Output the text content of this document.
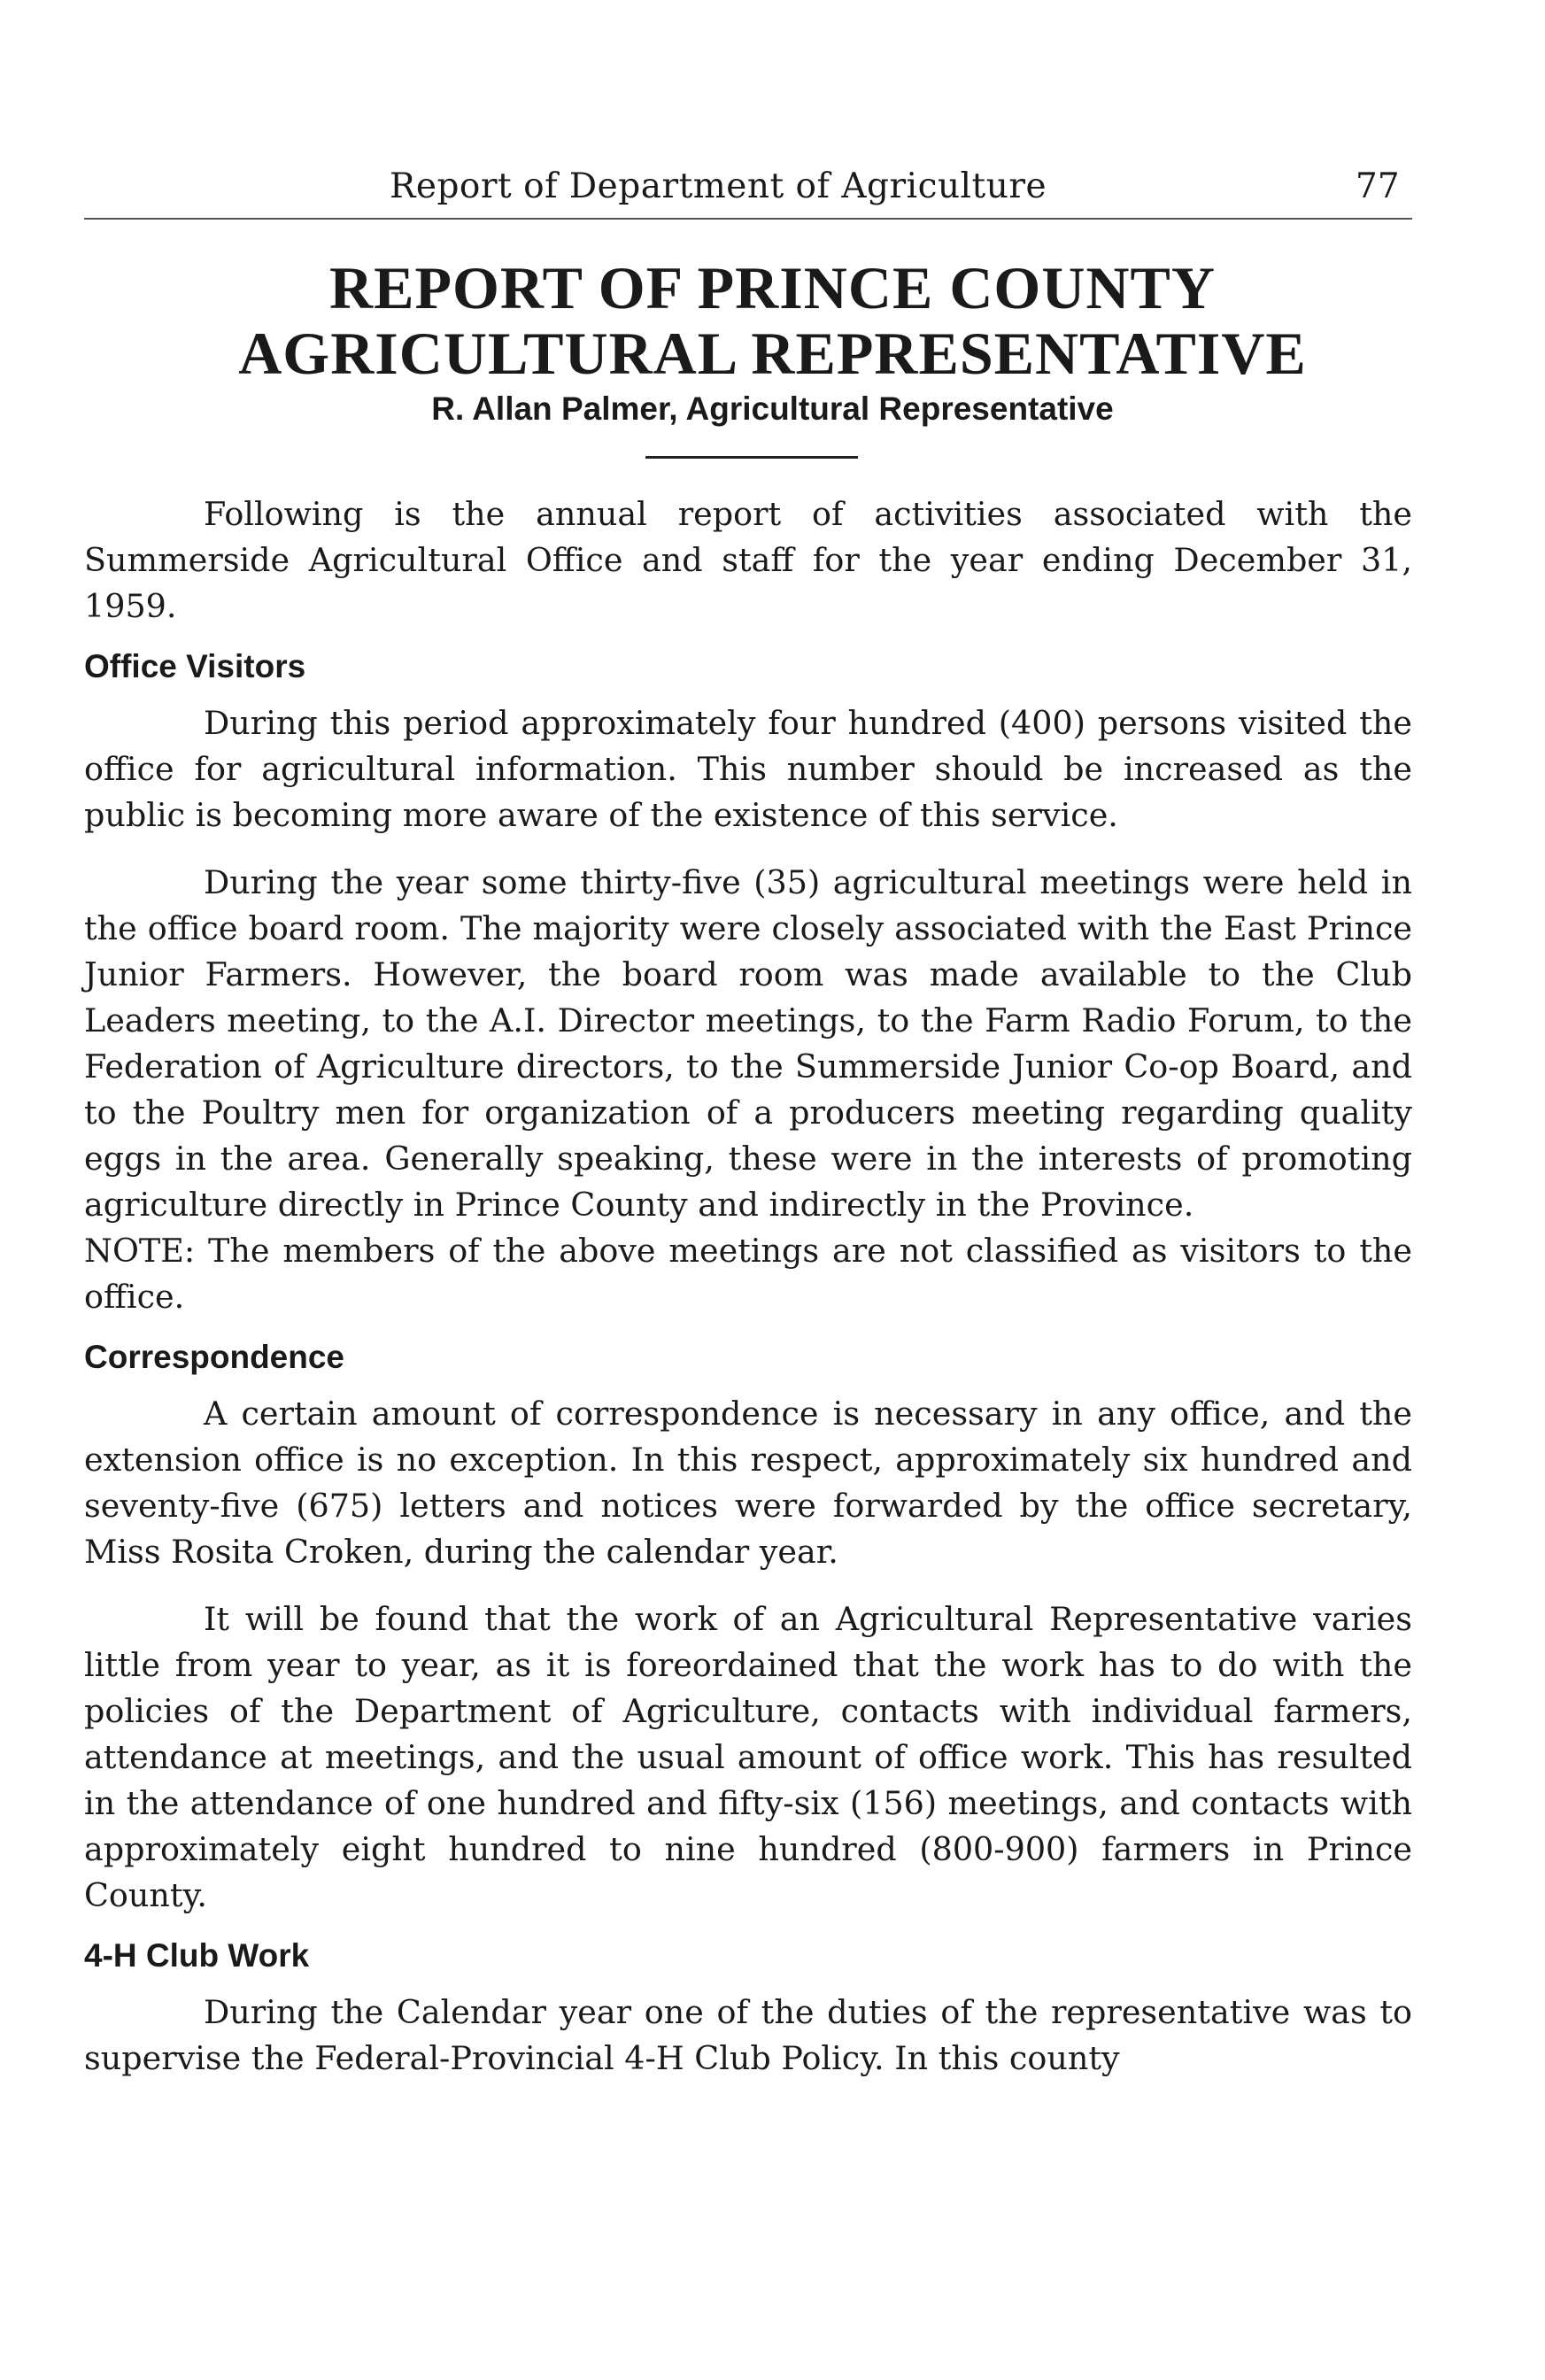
Report of Department of Agriculture	77
REPORT OF PRINCE COUNTY
AGRICULTURAL REPRESENTATIVE
R. Allan Palmer, Agricultural Representative

Following is the annual report of activities associated with the Summerside Agricultural Office and staff for the year ending December 31, 1959.

Office Visitors

During this period approximately four hundred (400) persons visited the office for agricultural information. This number should be increased as the public is becoming more aware of the existence of this service.

During the year some thirty-five (35) agricultural meetings were held in the office board room. The majority were closely associated with the East Prince Junior Farmers. However, the board room was made available to the Club Leaders meeting, to the A.I. Director meetings, to the Farm Radio Forum, to the Federation of Agriculture directors, to the Summerside Junior Co-op Board, and to the Poultry men for organization of a producers meeting regarding quality eggs in the area. Generally speaking, these were in the interests of promoting agriculture directly in Prince County and indirectly in the Province.

NOTE: The members of the above meetings are not classified as visitors to the office.

Correspondence

A certain amount of correspondence is necessary in any office, and the extension office is no exception. In this respect, approximately six hundred and seventy-five (675) letters and notices were forwarded by the office secretary, Miss Rosita Croken, during the calendar year.

It will be found that the work of an Agricultural Representative varies little from year to year, as it is foreordained that the work has to do with the policies of the Department of Agriculture, contacts with individual farmers, attendance at meetings, and the usual amount of office work. This has resulted in the attendance of one hundred and fifty-six (156) meetings, and contacts with approximately eight hundred to nine hundred (800-900) farmers in Prince County.

4-H Club Work

During the Calendar year one of the duties of the representative was to supervise the Federal-Provincial 4-H Club Policy. In this county
